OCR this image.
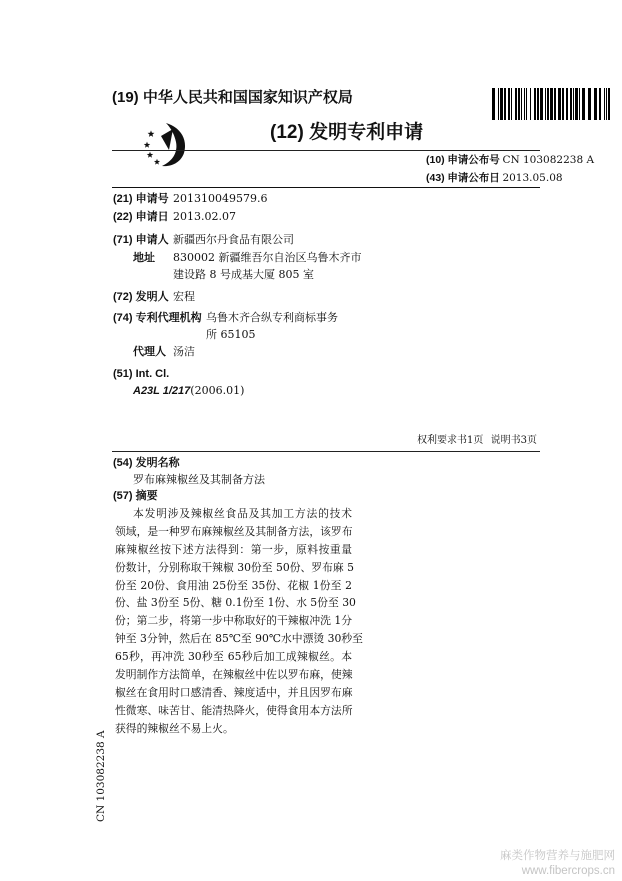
(19) 中华人民共和国国家知识产权局
(12) 发明专利申请
(10) 申请公布号 CN 103082238 A
(43) 申请公布日 2013.05.08
(21) 申请号 201310049579.6
(22) 申请日 2013.02.07
(71) 申请人 新疆西尔丹食品有限公司
地址 830002 新疆维吾尔自治区乌鲁木齐市
建设路 8 号成基大厦 805 室
(72) 发明人 宏程
(74) 专利代理机构 乌鲁木齐合纵专利商标事务
所 65105
代理人 汤洁
(51) Int. Cl.
A23L 1/217(2006.01)
权利要求书1页 说明书3页
(54) 发明名称
罗布麻辣椒丝及其制备方法
(57) 摘要
本发明涉及辣椒丝食品及其加工方法的技术
领域，是一种罗布麻辣椒丝及其制备方法，该罗布
麻辣椒丝按下述方法得到：第一步，原料按重量
份数计，分别称取干辣椒 30份至 50份、罗布麻 5
份至 20份、食用油 25份至 35份、花椒 1份至 2
份、盐 3份至 5份、糖 0.1份至 1份、水 5份至 30
份；第二步，将第一步中称取好的干辣椒冲洗 1分
钟至 3分钟，然后在 85℃至 90℃水中漂烫 30秒至
65秒，再冲洗 30秒至 65秒后加工成辣椒丝。本
发明制作方法简单，在辣椒丝中佐以罗布麻，使辣
椒丝在食用时口感清香、辣度适中，并且因罗布麻
性微寒、味苦甘、能清热降火，使得食用本方法所
获得的辣椒丝不易上火。
CN 103082238 A
麻类作物营养与施肥网
www.fibercrops.cn
